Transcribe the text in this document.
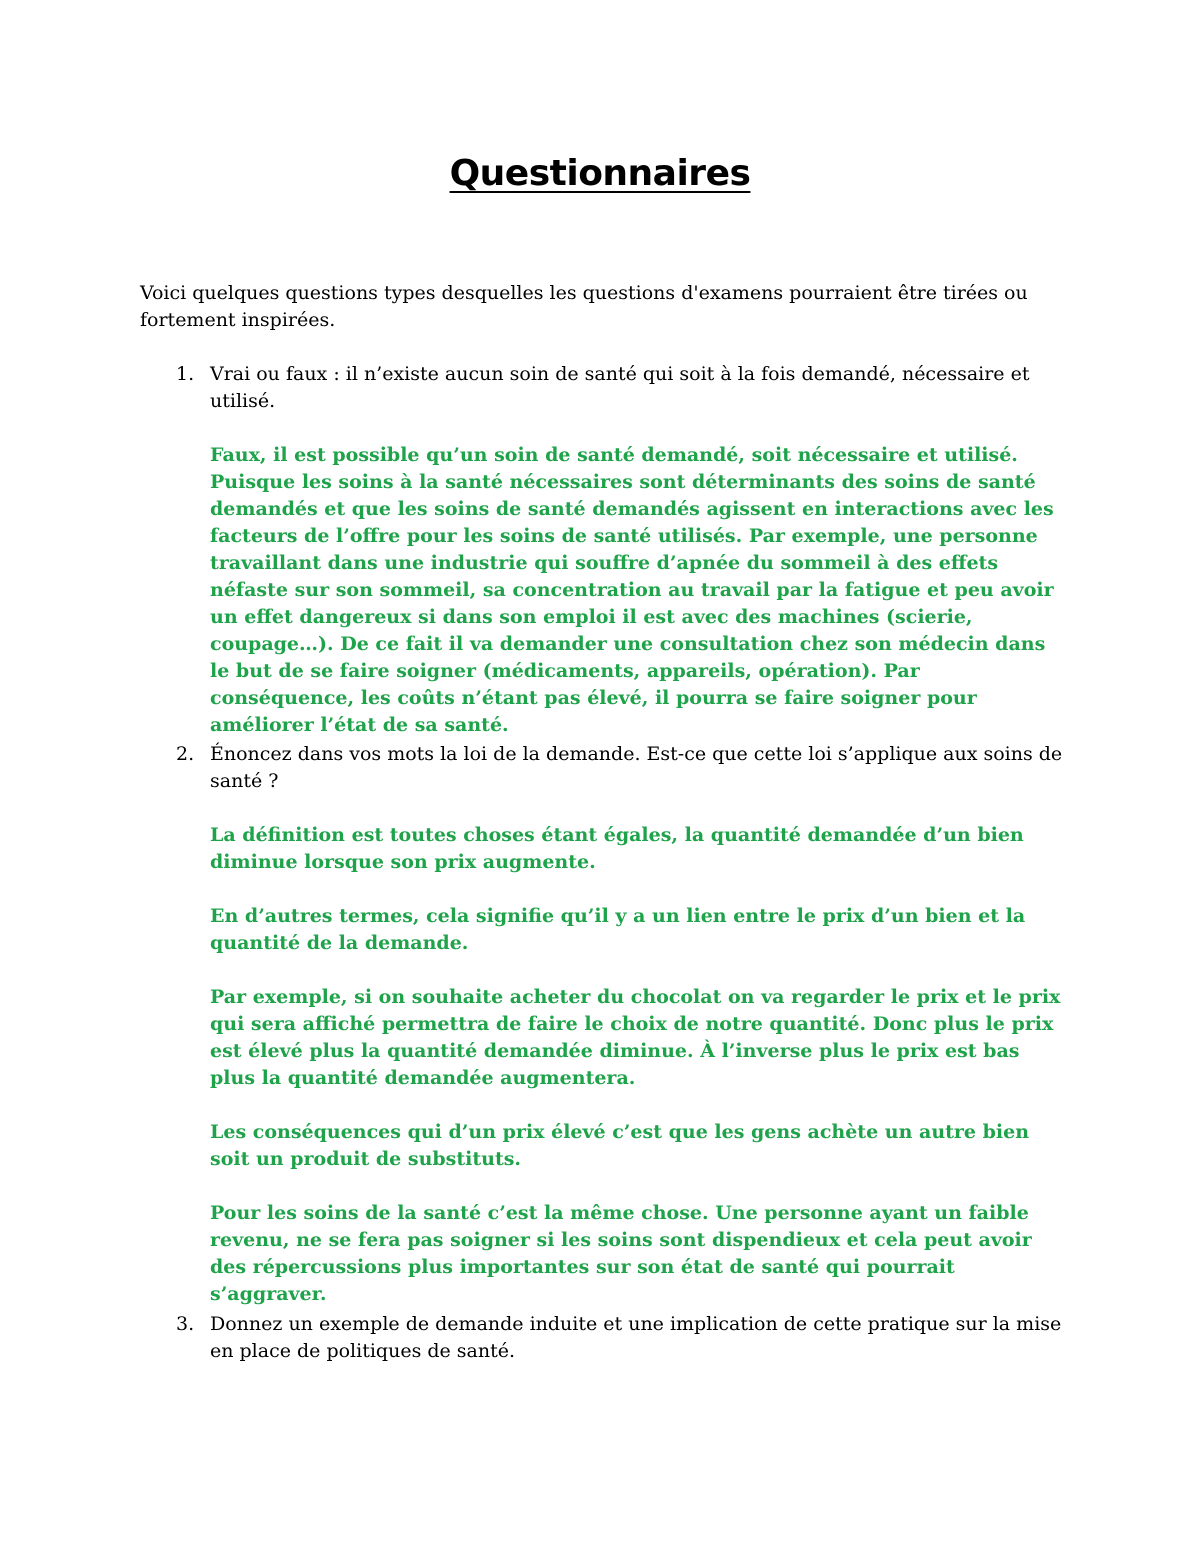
Questionnaires

Voici quelques questions types desquelles les questions d'examens pourraient être tirées ou fortement inspirées.

1. Vrai ou faux : il n’existe aucun soin de santé qui soit à la fois demandé, nécessaire et utilisé.

Faux, il est possible qu’un soin de santé demandé, soit nécessaire et utilisé. Puisque les soins à la santé nécessaires sont déterminants des soins de santé demandés et que les soins de santé demandés agissent en interactions avec les facteurs de l’offre pour les soins de santé utilisés. Par exemple, une personne travaillant dans une industrie qui souffre d’apnée du sommeil à des effets néfaste sur son sommeil, sa concentration au travail par la fatigue et peu avoir un effet dangereux si dans son emploi il est avec des machines (scierie, coupage…). De ce fait il va demander une consultation chez son médecin dans le but de se faire soigner (médicaments, appareils, opération). Par conséquence, les coûts n’étant pas élevé, il pourra se faire soigner pour améliorer l’état de sa santé.

2. Énoncez dans vos mots la loi de la demande. Est-ce que cette loi s’applique aux soins de santé ?

La définition est toutes choses étant égales, la quantité demandée d’un bien diminue lorsque son prix augmente.

En d’autres termes, cela signifie qu’il y a un lien entre le prix d’un bien et la quantité de la demande.

Par exemple, si on souhaite acheter du chocolat on va regarder le prix et le prix qui sera affiché permettra de faire le choix de notre quantité. Donc plus le prix est élevé plus la quantité demandée diminue. À l’inverse plus le prix est bas plus la quantité demandée augmentera.

Les conséquences qui d’un prix élevé c’est que les gens achète un autre bien soit un produit de substituts.

Pour les soins de la santé c’est la même chose. Une personne ayant un faible revenu, ne se fera pas soigner si les soins sont dispendieux et cela peut avoir des répercussions plus importantes sur son état de santé qui pourrait s’aggraver.

3. Donnez un exemple de demande induite et une implication de cette pratique sur la mise en place de politiques de santé.
